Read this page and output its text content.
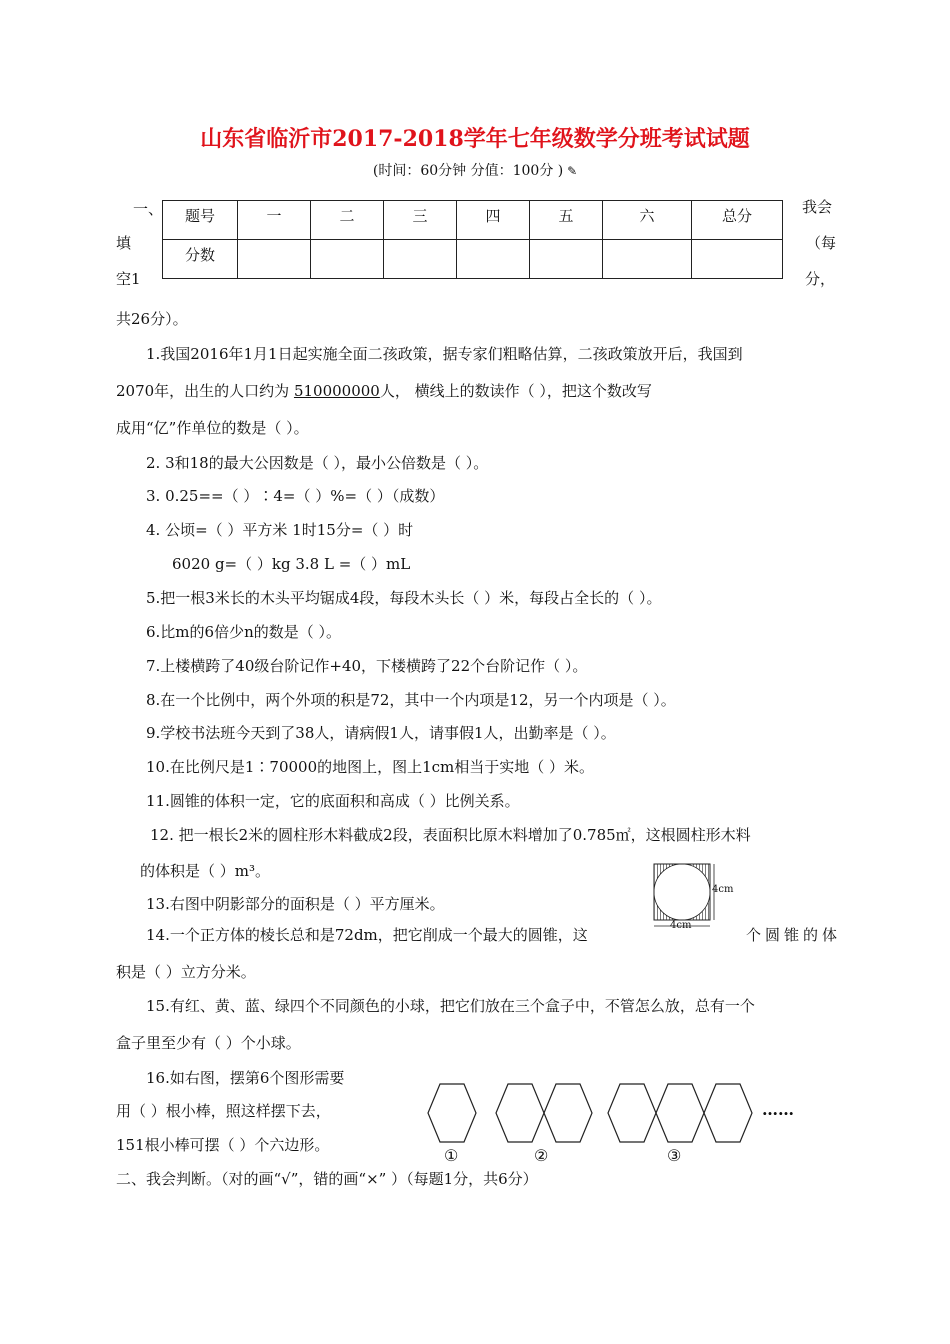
山东省临沂市2017-2018学年七年级数学分班考试试题
(时间：60分钟 分值：100分 ) ✎
一、
填
空1
我会
（每
分，
共26分）。
题号	一	二	三	四	五	六	总分
分数							
1.我国2016年1月1日起实施全面二孩政策，据专家们粗略估算，二孩政策放开后，我国到
2070年，出生的人口约为 510000000人， 横线上的数读作（ ），把这个数改写
成用“亿”作单位的数是（ ）。
2. 3和18的最大公因数是（ ），最小公倍数是（ ）。
3. 0.25==（ ）∶4=（ ）%=（ ）（成数）
4. 公顷=（ ）平方米 1时15分=（ ）时
6020 g=（ ）kg 3.8 L =（ ）mL
5.把一根3米长的木头平均锯成4段，每段木头长（ ）米，每段占全长的（ ）。
6.比m的6倍少n的数是（ ）。
7.上楼横跨了40级台阶记作+40，下楼横跨了22个台阶记作（ ）。
8.在一个比例中，两个外项的积是72，其中一个内项是12，另一个内项是（ ）。
9.学校书法班今天到了38人，请病假1人，请事假1人，出勤率是（ ）。
10.在比例尺是1∶70000的地图上，图上1cm相当于实地（ ）米。
11.圆锥的体积一定，它的底面积和高成（ ）比例关系。
12. 把一根长2米的圆柱形木料截成2段，表面积比原木料增加了0.785㎡，这根圆柱形木料
的体积是（ ）m³。
13.右图中阴影部分的面积是（ ）平方厘米。
14.一个正方体的棱长总和是72dm，把它削成一个最大的圆锥，这	个圆锥的体
积是（ ）立方分米。
4cm
4cm
15.有红、黄、蓝、绿四个不同颜色的小球，把它们放在三个盒子中，不管怎么放，总有一个
盒子里至少有（ ）个小球。
16.如右图，摆第6个图形需要
用（ ）根小棒，照这样摆下去，
151根小棒可摆（ ）个六边形。
……
①	②	③
二、我会判断。（对的画“√”，错的画“×” ）（每题1分，共6分）
